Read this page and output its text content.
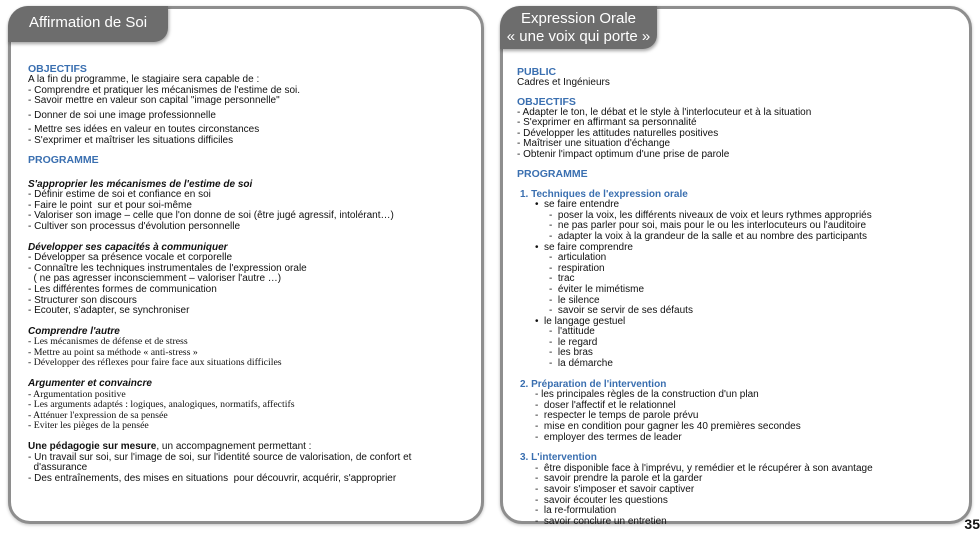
Affirmation de Soi
OBJECTIFS
A la fin du programme, le stagiaire sera capable de :
- Comprendre et pratiquer les mécanismes de l'estime de soi.
- Savoir mettre en valeur son capital "image personnelle"
- Donner de soi une image professionnelle
- Mettre ses idées en valeur en toutes circonstances
- S'exprimer et maîtriser les situations difficiles
PROGRAMME
S'approprier les mécanismes de l'estime de soi
- Définir estime de soi et confiance en soi
- Faire le point  sur et pour soi-même
- Valoriser son image – celle que l'on donne de soi (être jugé agressif, intolérant…)
- Cultiver son processus d'évolution personnelle
Développer ses capacités à communiquer
- Développer sa présence vocale et corporelle
- Connaître les techniques instrumentales de l'expression orale
( ne pas agresser inconsciemment – valoriser l'autre …)
- Les différentes formes de communication
- Structurer son discours
- Ecouter, s'adapter, se synchroniser
Comprendre l'autre
- Les mécanismes de défense et de stress
- Mettre au point sa méthode « anti-stress »
- Développer des réflexes pour faire face aux situations difficiles
Argumenter et convaincre
- Argumentation positive
- Les arguments adaptés : logiques, analogiques, normatifs, affectifs
- Atténuer l'expression de sa pensée
- Eviter les pièges de la pensée
Une pédagogie sur mesure, un accompagnement permettant :
- Un travail sur soi, sur l'image de soi, sur l'identité source de valorisation, de confort et
d'assurance
- Des entraînements, des mises en situations  pour découvrir, acquérir, s'approprier
Expression Orale
« une voix qui porte »
PUBLIC
Cadres et Ingénieurs
OBJECTIFS
- Adapter le ton, le débat et le style à l'interlocuteur et à la situation
- S'exprimer en affirmant sa personnalité
- Développer les attitudes naturelles positives
- Maîtriser une situation d'échange
- Obtenir l'impact optimum d'une prise de parole
PROGRAMME
1. Techniques de l'expression orale
•  se faire entendre
-  poser la voix, les différents niveaux de voix et leurs rythmes appropriés
-  ne pas parler pour soi, mais pour le ou les interlocuteurs ou l'auditoire
-  adapter la voix à la grandeur de la salle et au nombre des participants
•  se faire comprendre
-  articulation
-  respiration
-  trac
-  éviter le mimétisme
-  le silence
-  savoir se servir de ses défauts
•  le langage gestuel
-  l'attitude
-  le regard
-  les bras
-  la démarche
2. Préparation de l'intervention
- les principales règles de la construction d'un plan
-  doser l'affectif et le relationnel
-  respecter le temps de parole prévu
-  mise en condition pour gagner les 40 premières secondes
-  employer des termes de leader
3. L'intervention
-  être disponible face à l'imprévu, y remédier et le récupérer à son avantage
-  savoir prendre la parole et la garder
-  savoir s'imposer et savoir captiver
-  savoir écouter les questions
-  la re-formulation
-  savoir conclure un entretien	35
